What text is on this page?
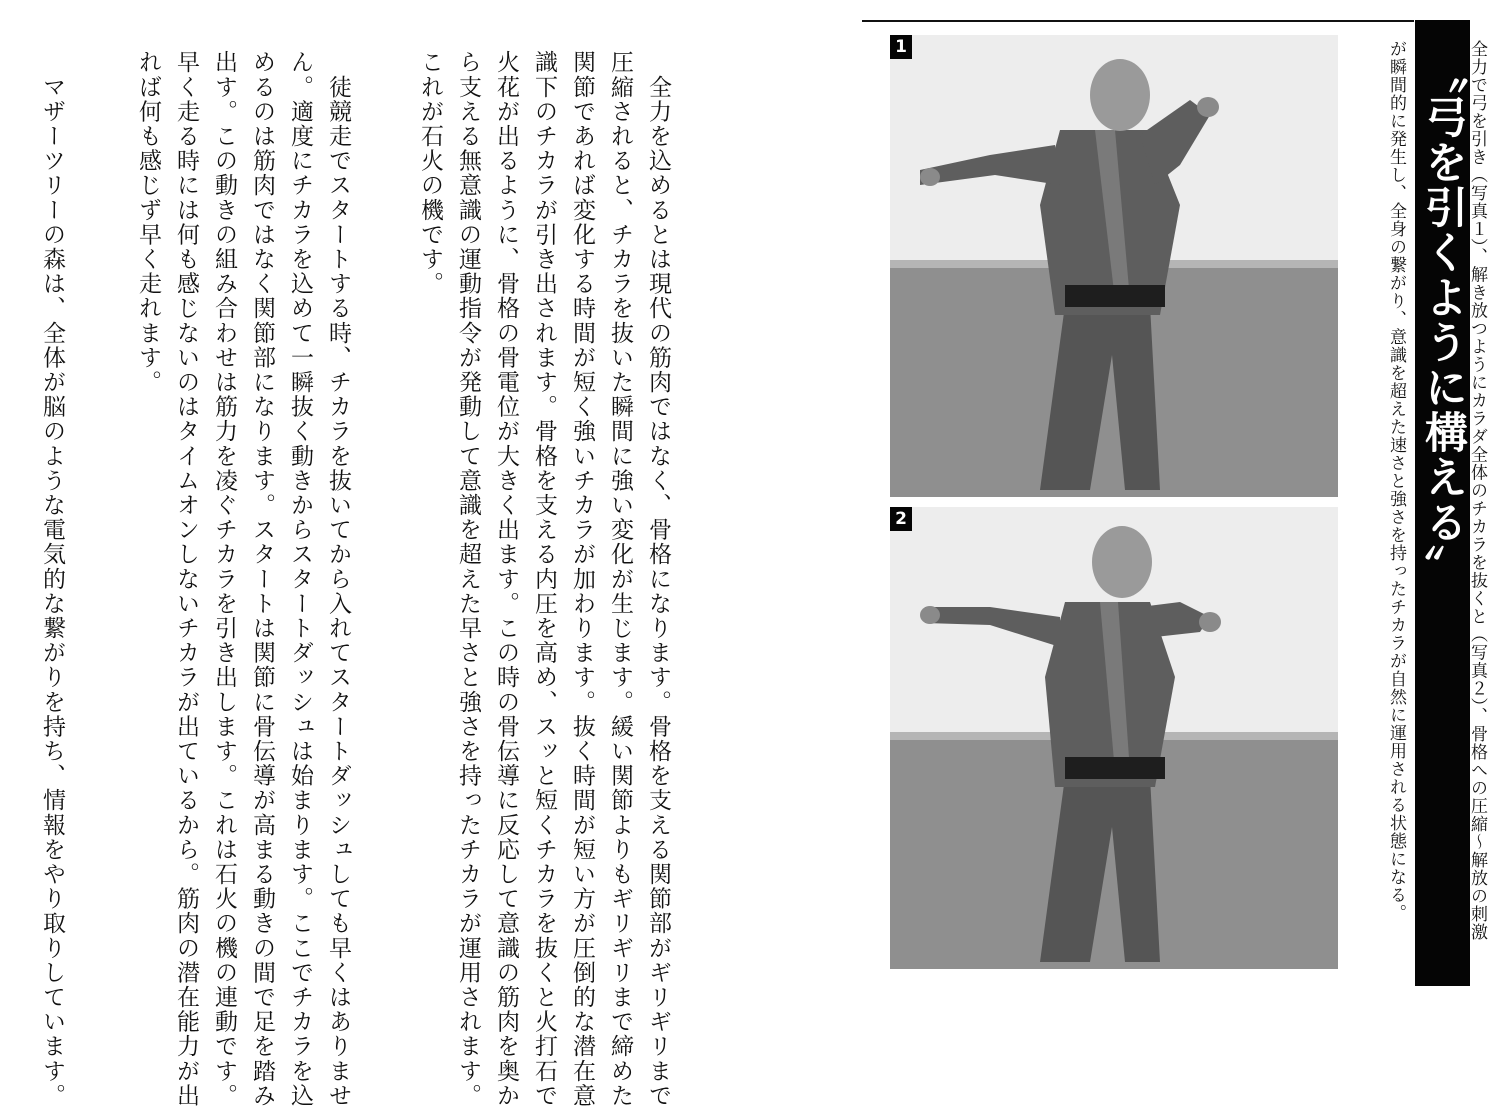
　全力を込めるとは現代の筋肉ではなく、骨格になります。骨格を支える関節部がギリギリまで
圧縮されると、チカラを抜いた瞬間に強い変化が生じます。緩い関節よりもギリギリまで締めた
関節であれば変化する時間が短く強いチカラが加わります。抜く時間が短い方が圧倒的な潜在意
識下のチカラが引き出されます。骨格を支える内圧を高め、スッと短くチカラを抜くと火打石で
火花が出るように、骨格の骨電位が大きく出ます。この時の骨伝導に反応して意識の筋肉を奥か
ら支える無意識の運動指令が発動して意識を超えた早さと強さを持ったチカラが運用されます。
これが石火の機です。
　徒競走でスタートする時、チカラを抜いてから入れてスタートダッシュしても早くはありませ
ん。適度にチカラを込めて一瞬抜く動きからスタートダッシュは始まります。ここでチカラを込
めるのは筋肉ではなく関節部になります。スタートは関節に骨伝導が高まる動きの間で足を踏み
出す。この動きの組み合わせは筋力を凌ぐチカラを引き出します。これは石火の機の連動です。
早く走る時には何も感じないのはタイムオンしないチカラが出ているから。筋肉の潜在能力が出
れば何も感じず早く走れます。
　マザーツリーの森は、全体が脳のような電気的な繋がりを持ち、情報をやり取りしています。	〝弓を引くように構える〟

全力で弓を引き（写真１）、解き放つようにカラダ全体のチカラを抜くと（写真２）、骨格への圧縮～解放の刺激

が瞬間的に発生し、全身の繋がり、意識を超えた速さと強さを持ったチカラが自然に運用される状態になる。

1
2
